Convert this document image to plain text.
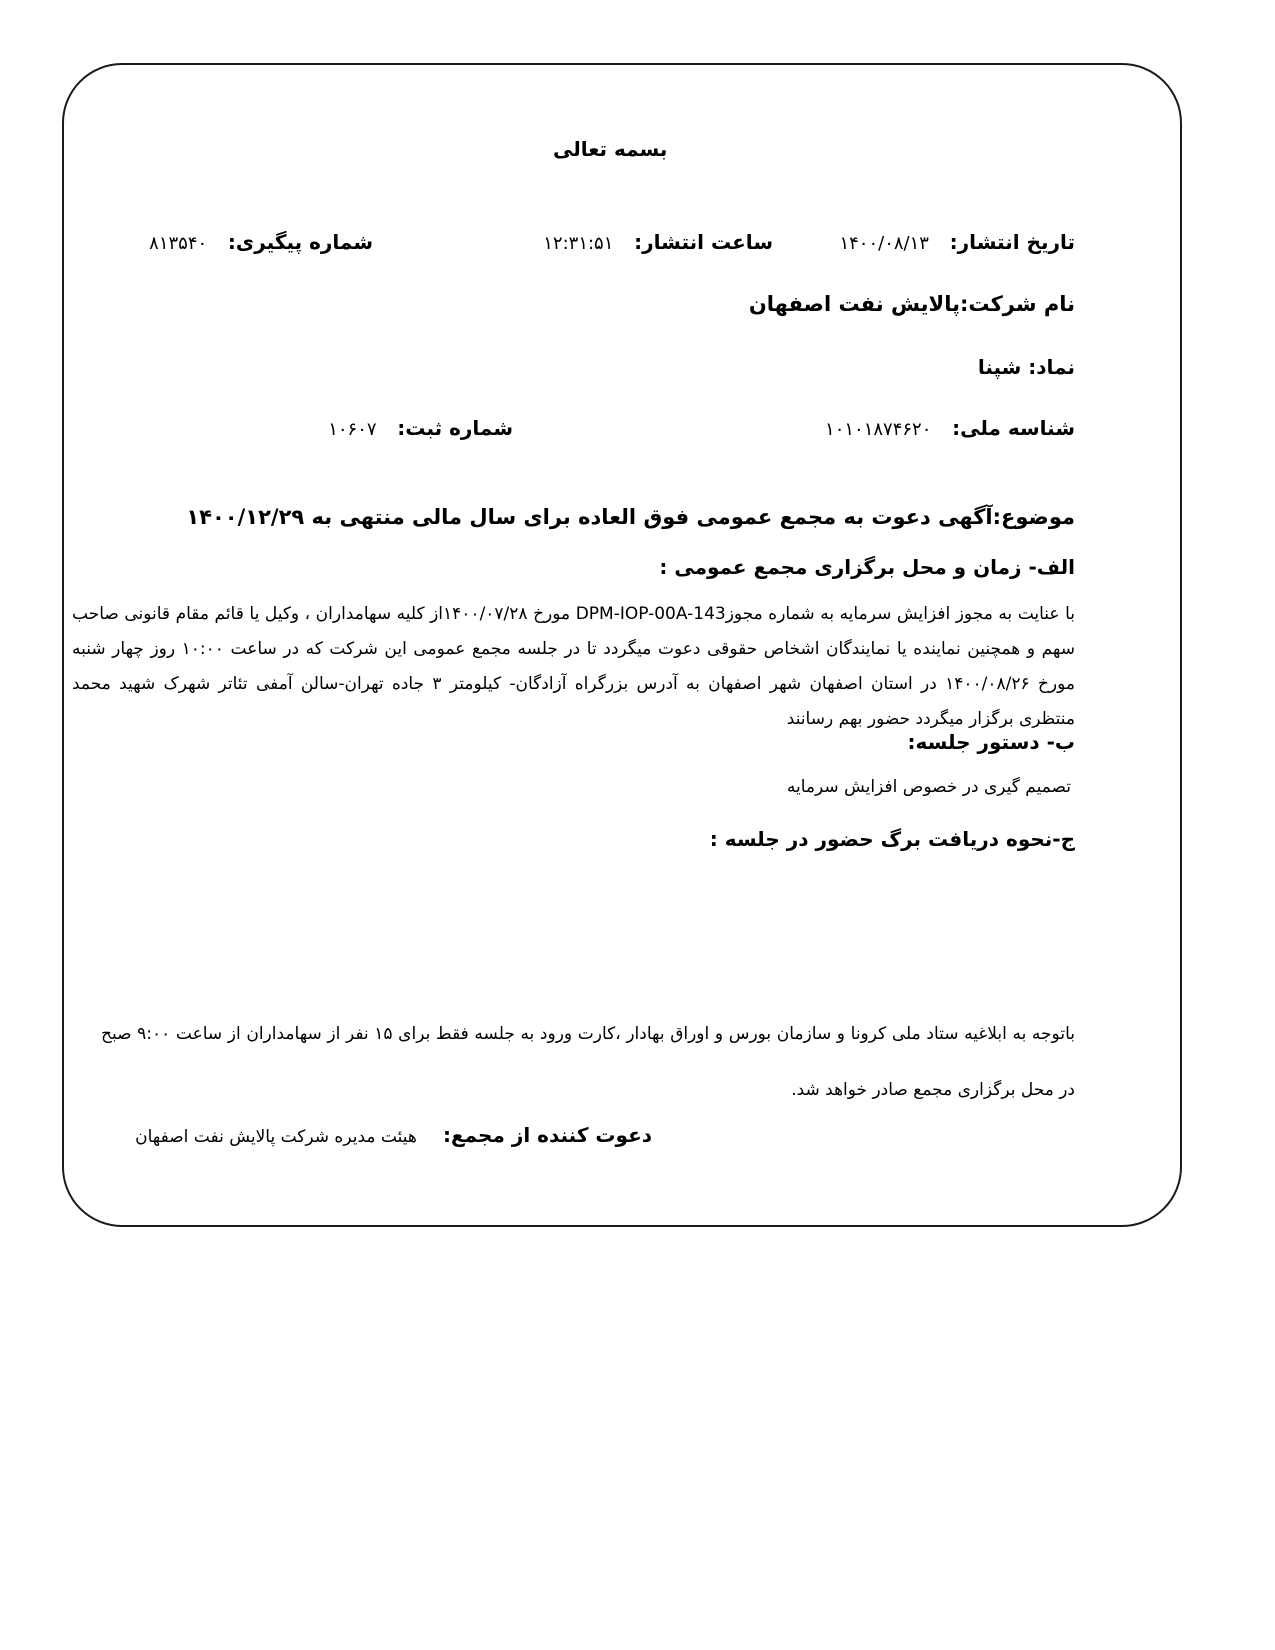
بسمه تعالی
تاریخ انتشار:  ۱۴۰۰/۰۸/۱۳
ساعت انتشار:  ۱۲:۳۱:۵۱
شماره پیگیری:  ۸۱۳۵۴۰
نام شرکت:پالایش نفت اصفهان
نماد: شپنا
شناسه ملی:  ۱۰۱۰۱۸۷۴۶۲۰
شماره ثبت:  ۱۰۶۰۷
موضوع:آگهی دعوت به مجمع عمومی فوق العاده برای سال مالی منتهی به ۱۴۰۰/۱۲/۲۹
الف- زمان و محل برگزاری مجمع عمومی :
با عنایت به مجوز افزایش سرمایه به شماره مجوزDPM-IOP-00A-143 مورخ ۱۴۰۰/۰۷/۲۸از کلیه سهامداران ، وکیل یا قائم مقام قانونی صاحب سهم و همچنین نماینده یا نمایندگان اشخاص حقوقی دعوت میگردد تا در جلسه مجمع عمومی این شرکت که در ساعت ۱۰:۰۰ روز چهار شنبه مورخ ۱۴۰۰/۰۸/۲۶ در استان اصفهان شهر اصفهان به آدرس بزرگراه آزادگان- کیلومتر ۳ جاده تهران-سالن آمفی تئاتر شهرک شهید محمد منتظری برگزار میگردد حضور بهم رسانند
ب- دستور جلسه:
تصمیم گیری در خصوص افزایش سرمایه
ج-نحوه دریافت برگ حضور در جلسه :
باتوجه به ابلاغیه ستاد ملی کرونا و سازمان بورس و اوراق بهادار ،کارت ورود به جلسه فقط برای ۱۵ نفر از سهامداران از ساعت ۹:۰۰ صبح در محل برگزاری مجمع صادر خواهد شد.
دعوت کننده از مجمع:  هیئت مدیره شرکت پالایش نفت اصفهان
